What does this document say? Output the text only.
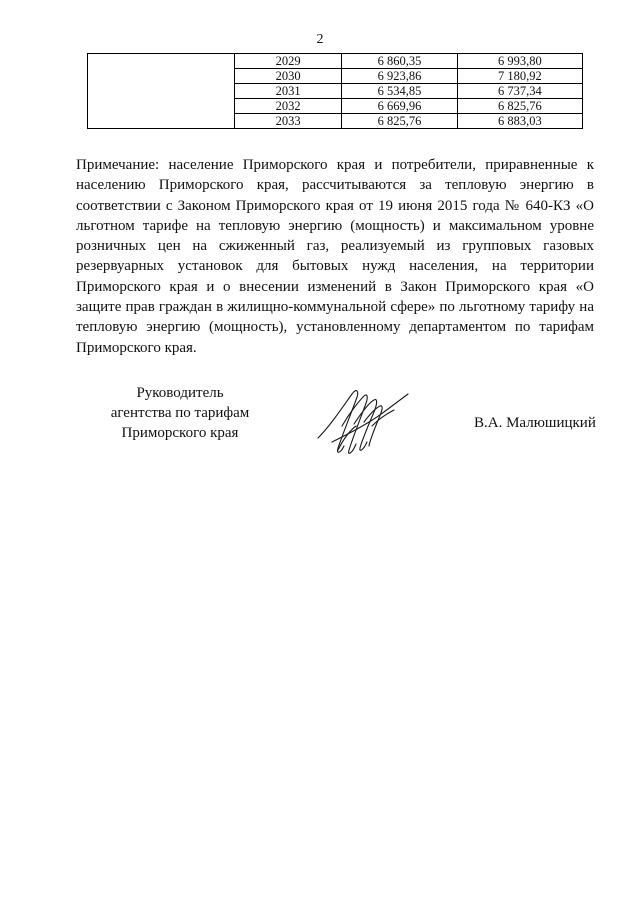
2
	2029	6 860,35	6 993,80
	2030	6 923,86	7 180,92
	2031	6 534,85	6 737,34
	2032	6 669,96	6 825,76
	2033	6 825,76	6 883,03
Примечание: население Приморского края и потребители, приравненные к населению Приморского края, рассчитываются за тепловую энергию в соответствии с Законом Приморского края от 19 июня 2015 года № 640-КЗ «О льготном тарифе на тепловую энергию (мощность) и максимальном уровне розничных цен на сжиженный газ, реализуемый из групповых газовых резервуарных установок для бытовых нужд населения, на территории Приморского края и о внесении изменений в Закон Приморского края «О защите прав граждан в жилищно-коммунальной сфере» по льготному тарифу на тепловую энергию (мощность), установленному департаментом по тарифам Приморского края.
Руководитель
агентства по тарифам
Приморского края
В.А. Малюшицкий
